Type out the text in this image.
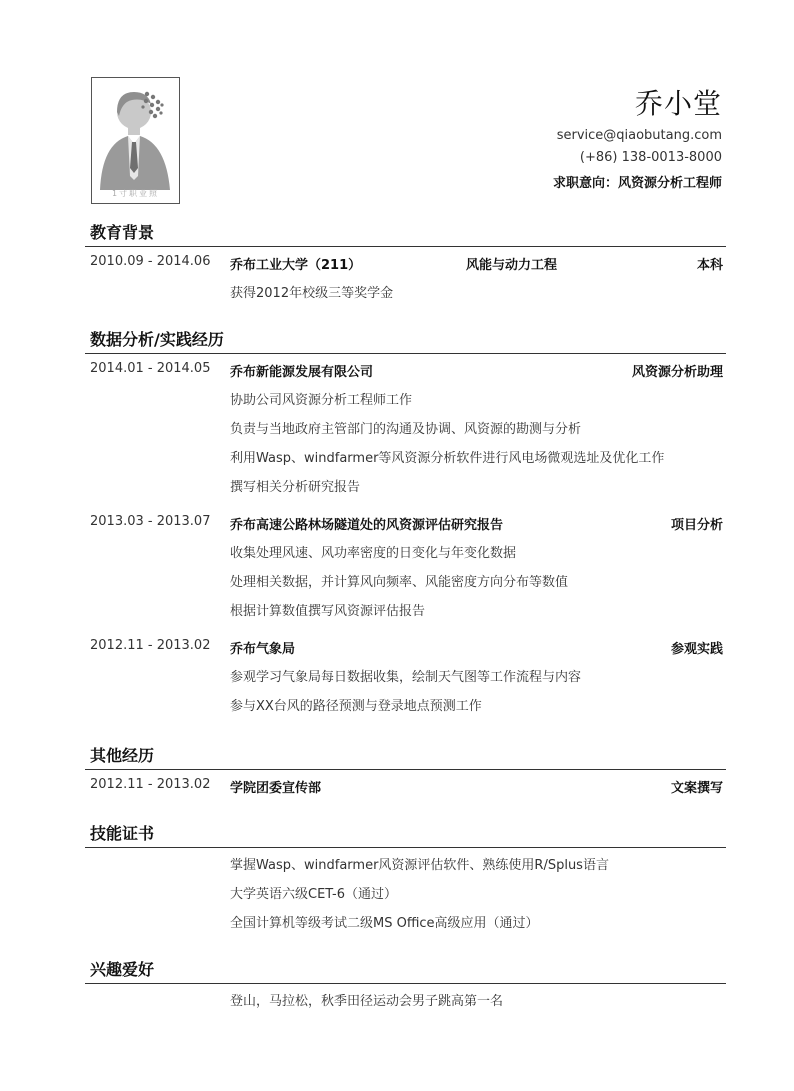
1寸职业照
乔小堂
service@qiaobutang.com
(+86) 138-0013-8000
求职意向：风资源分析工程师
教育背景
2010.09 - 2014.06 乔布工业大学（211）	风能与动力工程	本科
获得2012年校级三等奖学金
数据分析/实践经历
2014.01 - 2014.05 乔布新能源发展有限公司	风资源分析助理
协助公司风资源分析工程师工作
负责与当地政府主管部门的沟通及协调、风资源的勘测与分析
利用Wasp、windfarmer等风资源分析软件进行风电场微观选址及优化工作
撰写相关分析研究报告
2013.03 - 2013.07 乔布高速公路林场隧道处的风资源评估研究报告	项目分析
收集处理风速、风功率密度的日变化与年变化数据
处理相关数据，并计算风向频率、风能密度方向分布等数值
根据计算数值撰写风资源评估报告
2012.11 - 2013.02 乔布气象局	参观实践
参观学习气象局每日数据收集，绘制天气图等工作流程与内容
参与XX台风的路径预测与登录地点预测工作
其他经历
2012.11 - 2013.02 学院团委宣传部	文案撰写
技能证书
掌握Wasp、windfarmer风资源评估软件、熟练使用R/Splus语言
大学英语六级CET-6（通过）
全国计算机等级考试二级MS Office高级应用（通过）
兴趣爱好
登山，马拉松，秋季田径运动会男子跳高第一名
